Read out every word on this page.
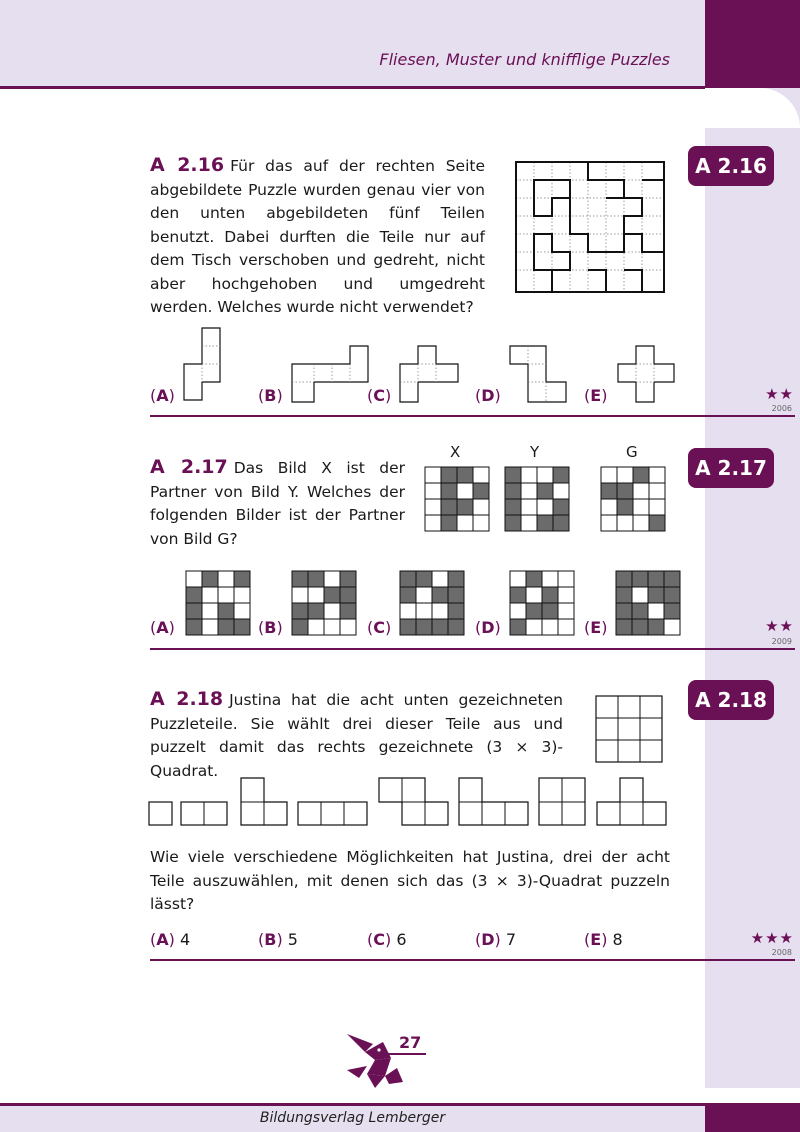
Fliesen, Muster und knifflige Puzzles
A 2.16
A 2.16 Für das auf der rechten Seite abgebildete Puzzle wurden genau vier von den unten abgebildeten fünf Teilen benutzt. Dabei durften die Teile nur auf dem Tisch verschoben und gedreht, nicht aber hochgehoben und umgedreht werden. Welches wurde nicht verwendet?
(A)	(B)	(C)	(D)	(E)	★★
2006
A 2.17
A 2.17 Das Bild X ist der Partner von Bild Y. Welches der folgenden Bilder ist der Partner von Bild G?
X	Y	G
(A)	(B)	(C)	(D)	(E)	★★
2009
A 2.18
A 2.18 Justina hat die acht unten gezeichneten Puzzleteile. Sie wählt drei dieser Teile aus und puzzelt damit das rechts gezeichnete (3 × 3)-Quadrat.
Wie viele verschiedene Möglichkeiten hat Justina, drei der acht Teile auszuwählen, mit denen sich das (3 × 3)-Quadrat puzzeln lässt?
(A) 4	(B) 5	(C) 6	(D) 7	(E) 8	★★★
2008
27
Bildungsverlag Lemberger
